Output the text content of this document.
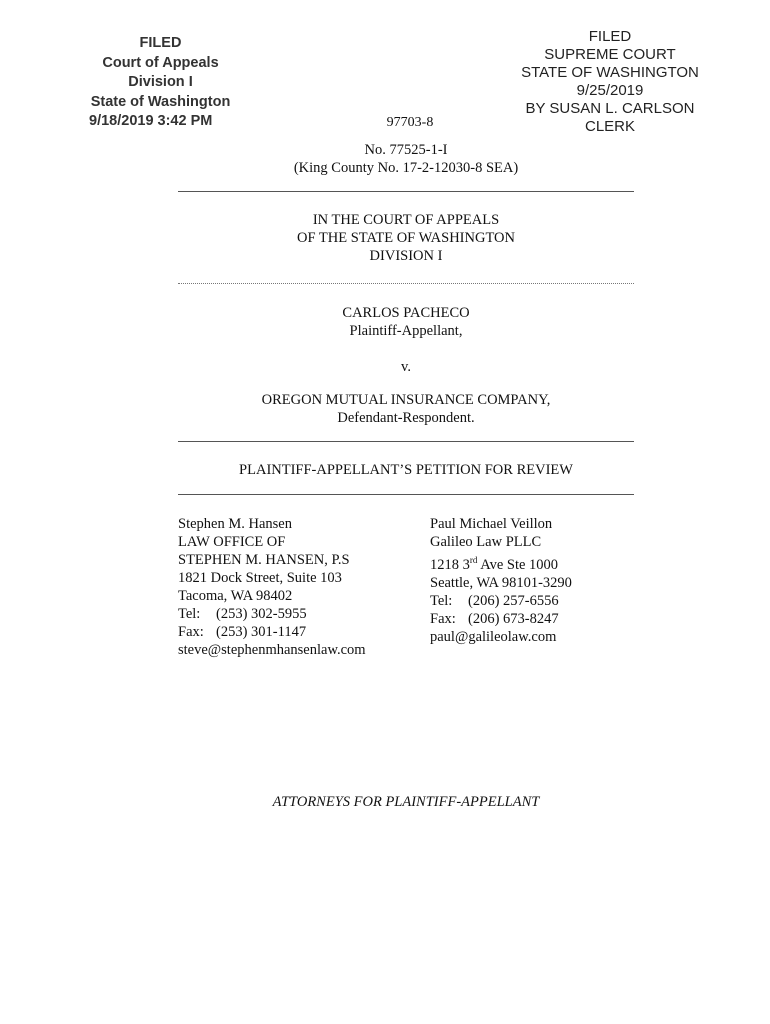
FILED
Court of Appeals
Division I
State of Washington
9/18/2019 3:42 PM
FILED
SUPREME COURT
STATE OF WASHINGTON
9/25/2019
BY SUSAN L. CARLSON
CLERK
97703-8
No. 77525-1-I
(King County No. 17-2-12030-8 SEA)
IN THE COURT OF APPEALS
OF THE STATE OF WASHINGTON
DIVISION I
CARLOS PACHECO
Plaintiff-Appellant,
v.
OREGON MUTUAL INSURANCE COMPANY,
Defendant-Respondent.
PLAINTIFF-APPELLANT’S PETITION FOR REVIEW
Stephen M. Hansen
LAW OFFICE OF
STEPHEN M. HANSEN, P.S
1821 Dock Street, Suite 103
Tacoma, WA 98402
Tel: (253) 302-5955
Fax: (253) 301-1147
steve@stephenmhansenlaw.com
Paul Michael Veillon
Galileo Law PLLC
1218 3rd Ave Ste 1000
Seattle, WA 98101-3290
Tel: (206) 257-6556
Fax: (206) 673-8247
paul@galileolaw.com
ATTORNEYS FOR PLAINTIFF-APPELLANT
